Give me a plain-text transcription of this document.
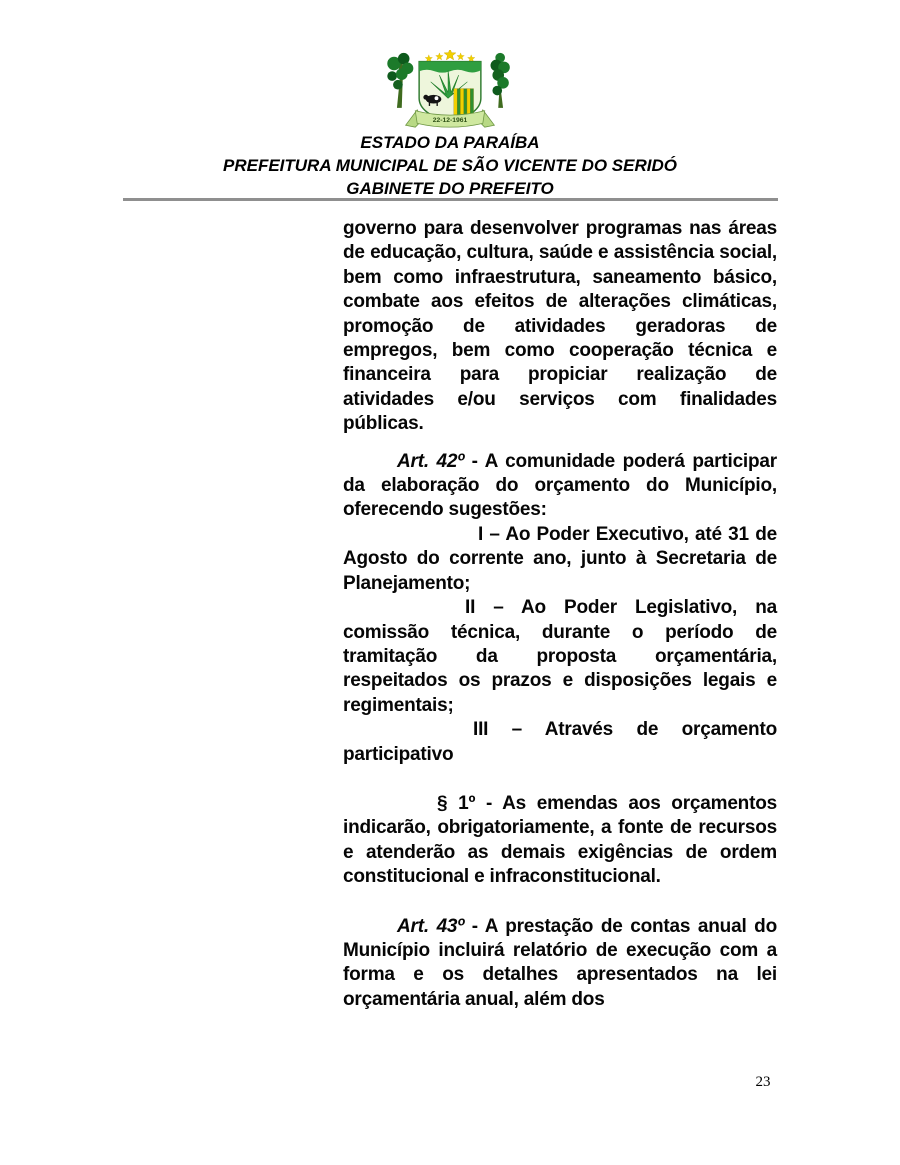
22-12-1961
ESTADO DA PARAÍBA
PREFEITURA MUNICIPAL DE SÃO VICENTE DO SERIDÓ
GABINETE DO PREFEITO

governo para desenvolver programas nas áreas de educação, cultura, saúde e assistência social, bem como infraestrutura, saneamento básico, combate aos efeitos de alterações climáticas, promoção de atividades geradoras de empregos, bem como cooperação técnica e financeira para propiciar realização de atividades e/ou serviços com finalidades públicas.

Art. 42º - A comunidade poderá participar da elaboração do orçamento do Município, oferecendo sugestões:

I – Ao Poder Executivo, até 31 de Agosto do corrente ano, junto à Secretaria de Planejamento;

II – Ao Poder Legislativo, na comissão técnica, durante o período de tramitação da proposta orçamentária, respeitados os prazos e disposições legais e regimentais;

III – Através de orçamento participativo

§ 1º - As emendas aos orçamentos indicarão, obrigatoriamente, a fonte de recursos e atenderão as demais exigências de ordem constitucional e infraconstitucional.

Art. 43º - A prestação de contas anual do Município incluirá relatório de execução com a forma e os detalhes apresentados na lei orçamentária anual, além dos

23
